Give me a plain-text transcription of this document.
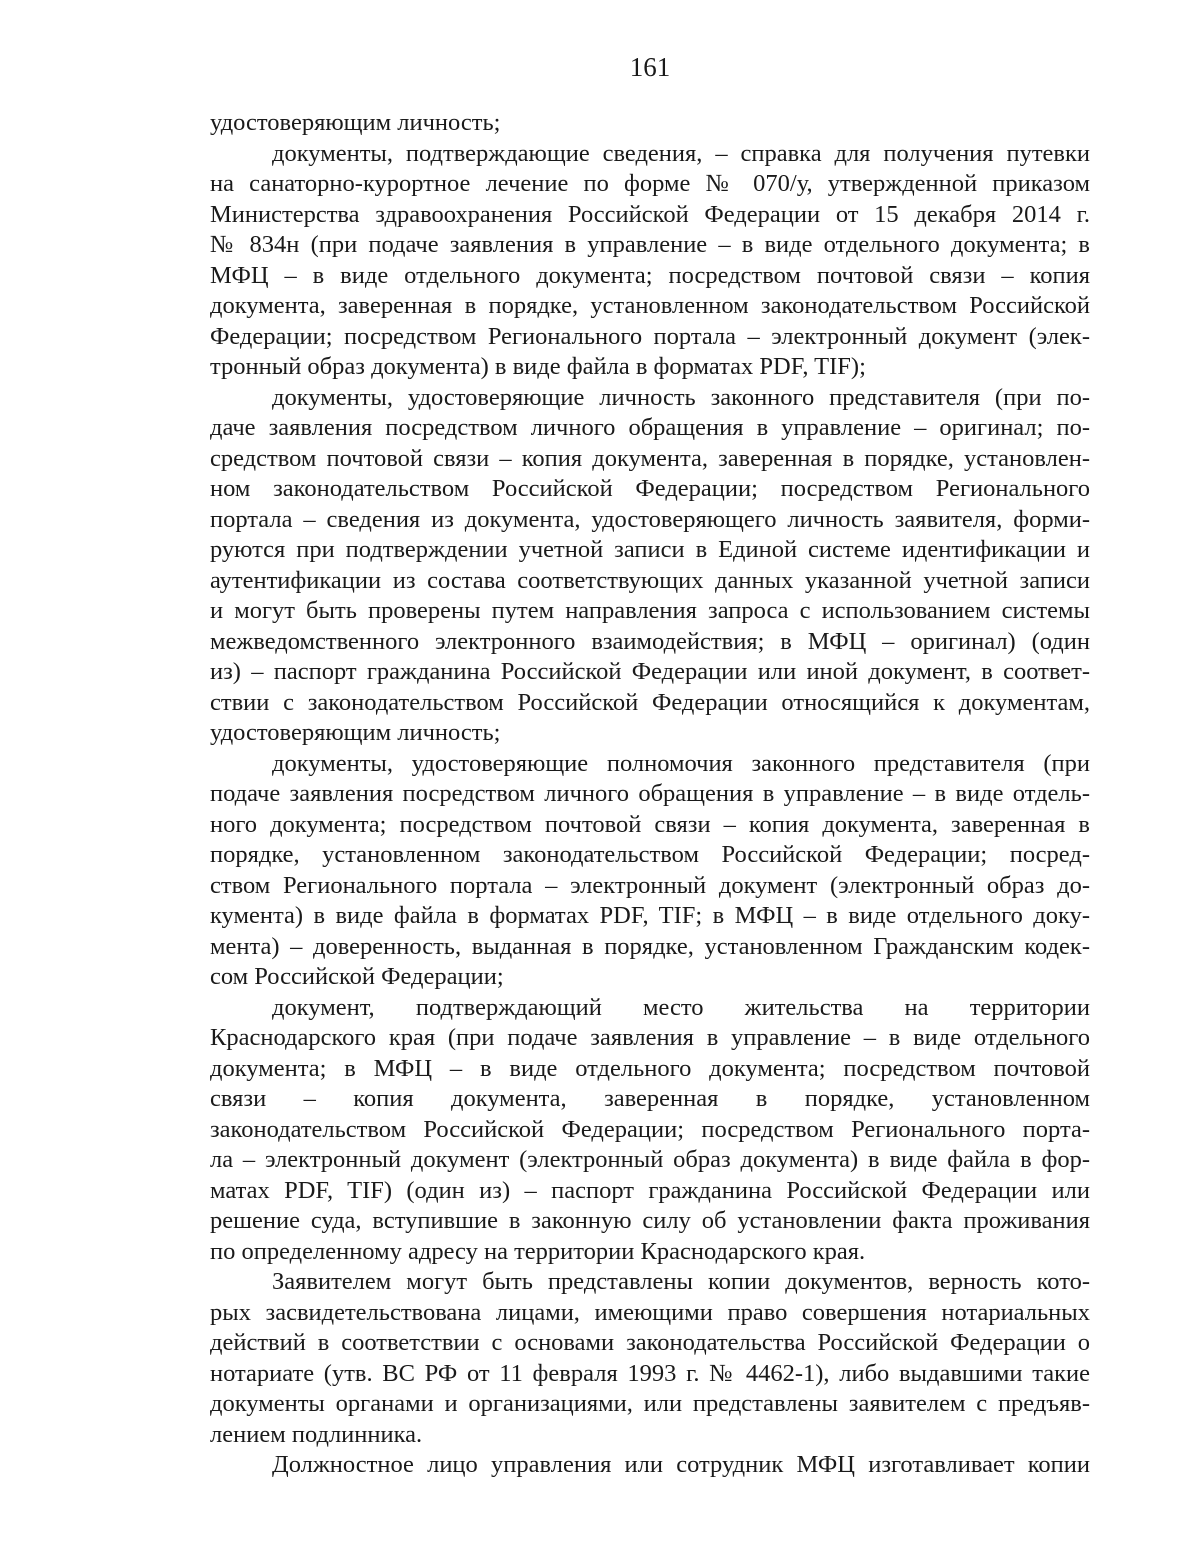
161
удостоверяющим личность;
документы, подтверждающие сведения, – справка для получения путевки
на санаторно-курортное лечение по форме № 070/у, утвержденной приказом
Министерства здравоохранения Российской Федерации от 15 декабря 2014 г.
№ 834н (при подаче заявления в управление – в виде отдельного документа; в
МФЦ – в виде отдельного документа; посредством почтовой связи – копия
документа, заверенная в порядке, установленном законодательством Российской
Федерации; посредством Регионального портала – электронный документ (элек-
тронный образ документа) в виде файла в форматах PDF, TIF);
документы, удостоверяющие личность законного представителя (при по-
даче заявления посредством личного обращения в управление – оригинал; по-
средством почтовой связи – копия документа, заверенная в порядке, установлен-
ном законодательством Российской Федерации; посредством Регионального
портала – сведения из документа, удостоверяющего личность заявителя, форми-
руются при подтверждении учетной записи в Единой системе идентификации и
аутентификации из состава соответствующих данных указанной учетной записи
и могут быть проверены путем направления запроса с использованием системы
межведомственного электронного взаимодействия; в МФЦ – оригинал) (один
из) – паспорт гражданина Российской Федерации или иной документ, в соответ-
ствии с законодательством Российской Федерации относящийся к документам,
удостоверяющим личность;
документы, удостоверяющие полномочия законного представителя (при
подаче заявления посредством личного обращения в управление – в виде отдель-
ного документа; посредством почтовой связи – копия документа, заверенная в
порядке, установленном законодательством Российской Федерации; посред-
ством Регионального портала – электронный документ (электронный образ до-
кумента) в виде файла в форматах PDF, TIF; в МФЦ – в виде отдельного доку-
мента) – доверенность, выданная в порядке, установленном Гражданским кодек-
сом Российской Федерации;
документ, подтверждающий место жительства на территории
Краснодарского края (при подаче заявления в управление – в виде отдельного
документа; в МФЦ – в виде отдельного документа; посредством почтовой
связи – копия документа, заверенная в порядке, установленном
законодательством Российской Федерации; посредством Регионального порта-
ла – электронный документ (электронный образ документа) в виде файла в фор-
матах PDF, TIF) (один из) – паспорт гражданина Российской Федерации или
решение суда, вступившие в законную силу об установлении факта проживания
по определенному адресу на территории Краснодарского края.
Заявителем могут быть представлены копии документов, верность кото-
рых засвидетельствована лицами, имеющими право совершения нотариальных
действий в соответствии с основами законодательства Российской Федерации о
нотариате (утв. ВС РФ от 11 февраля 1993 г. № 4462-1), либо выдавшими такие
документы органами и организациями, или представлены заявителем с предъяв-
лением подлинника.
Должностное лицо управления или сотрудник МФЦ изготавливает копии
